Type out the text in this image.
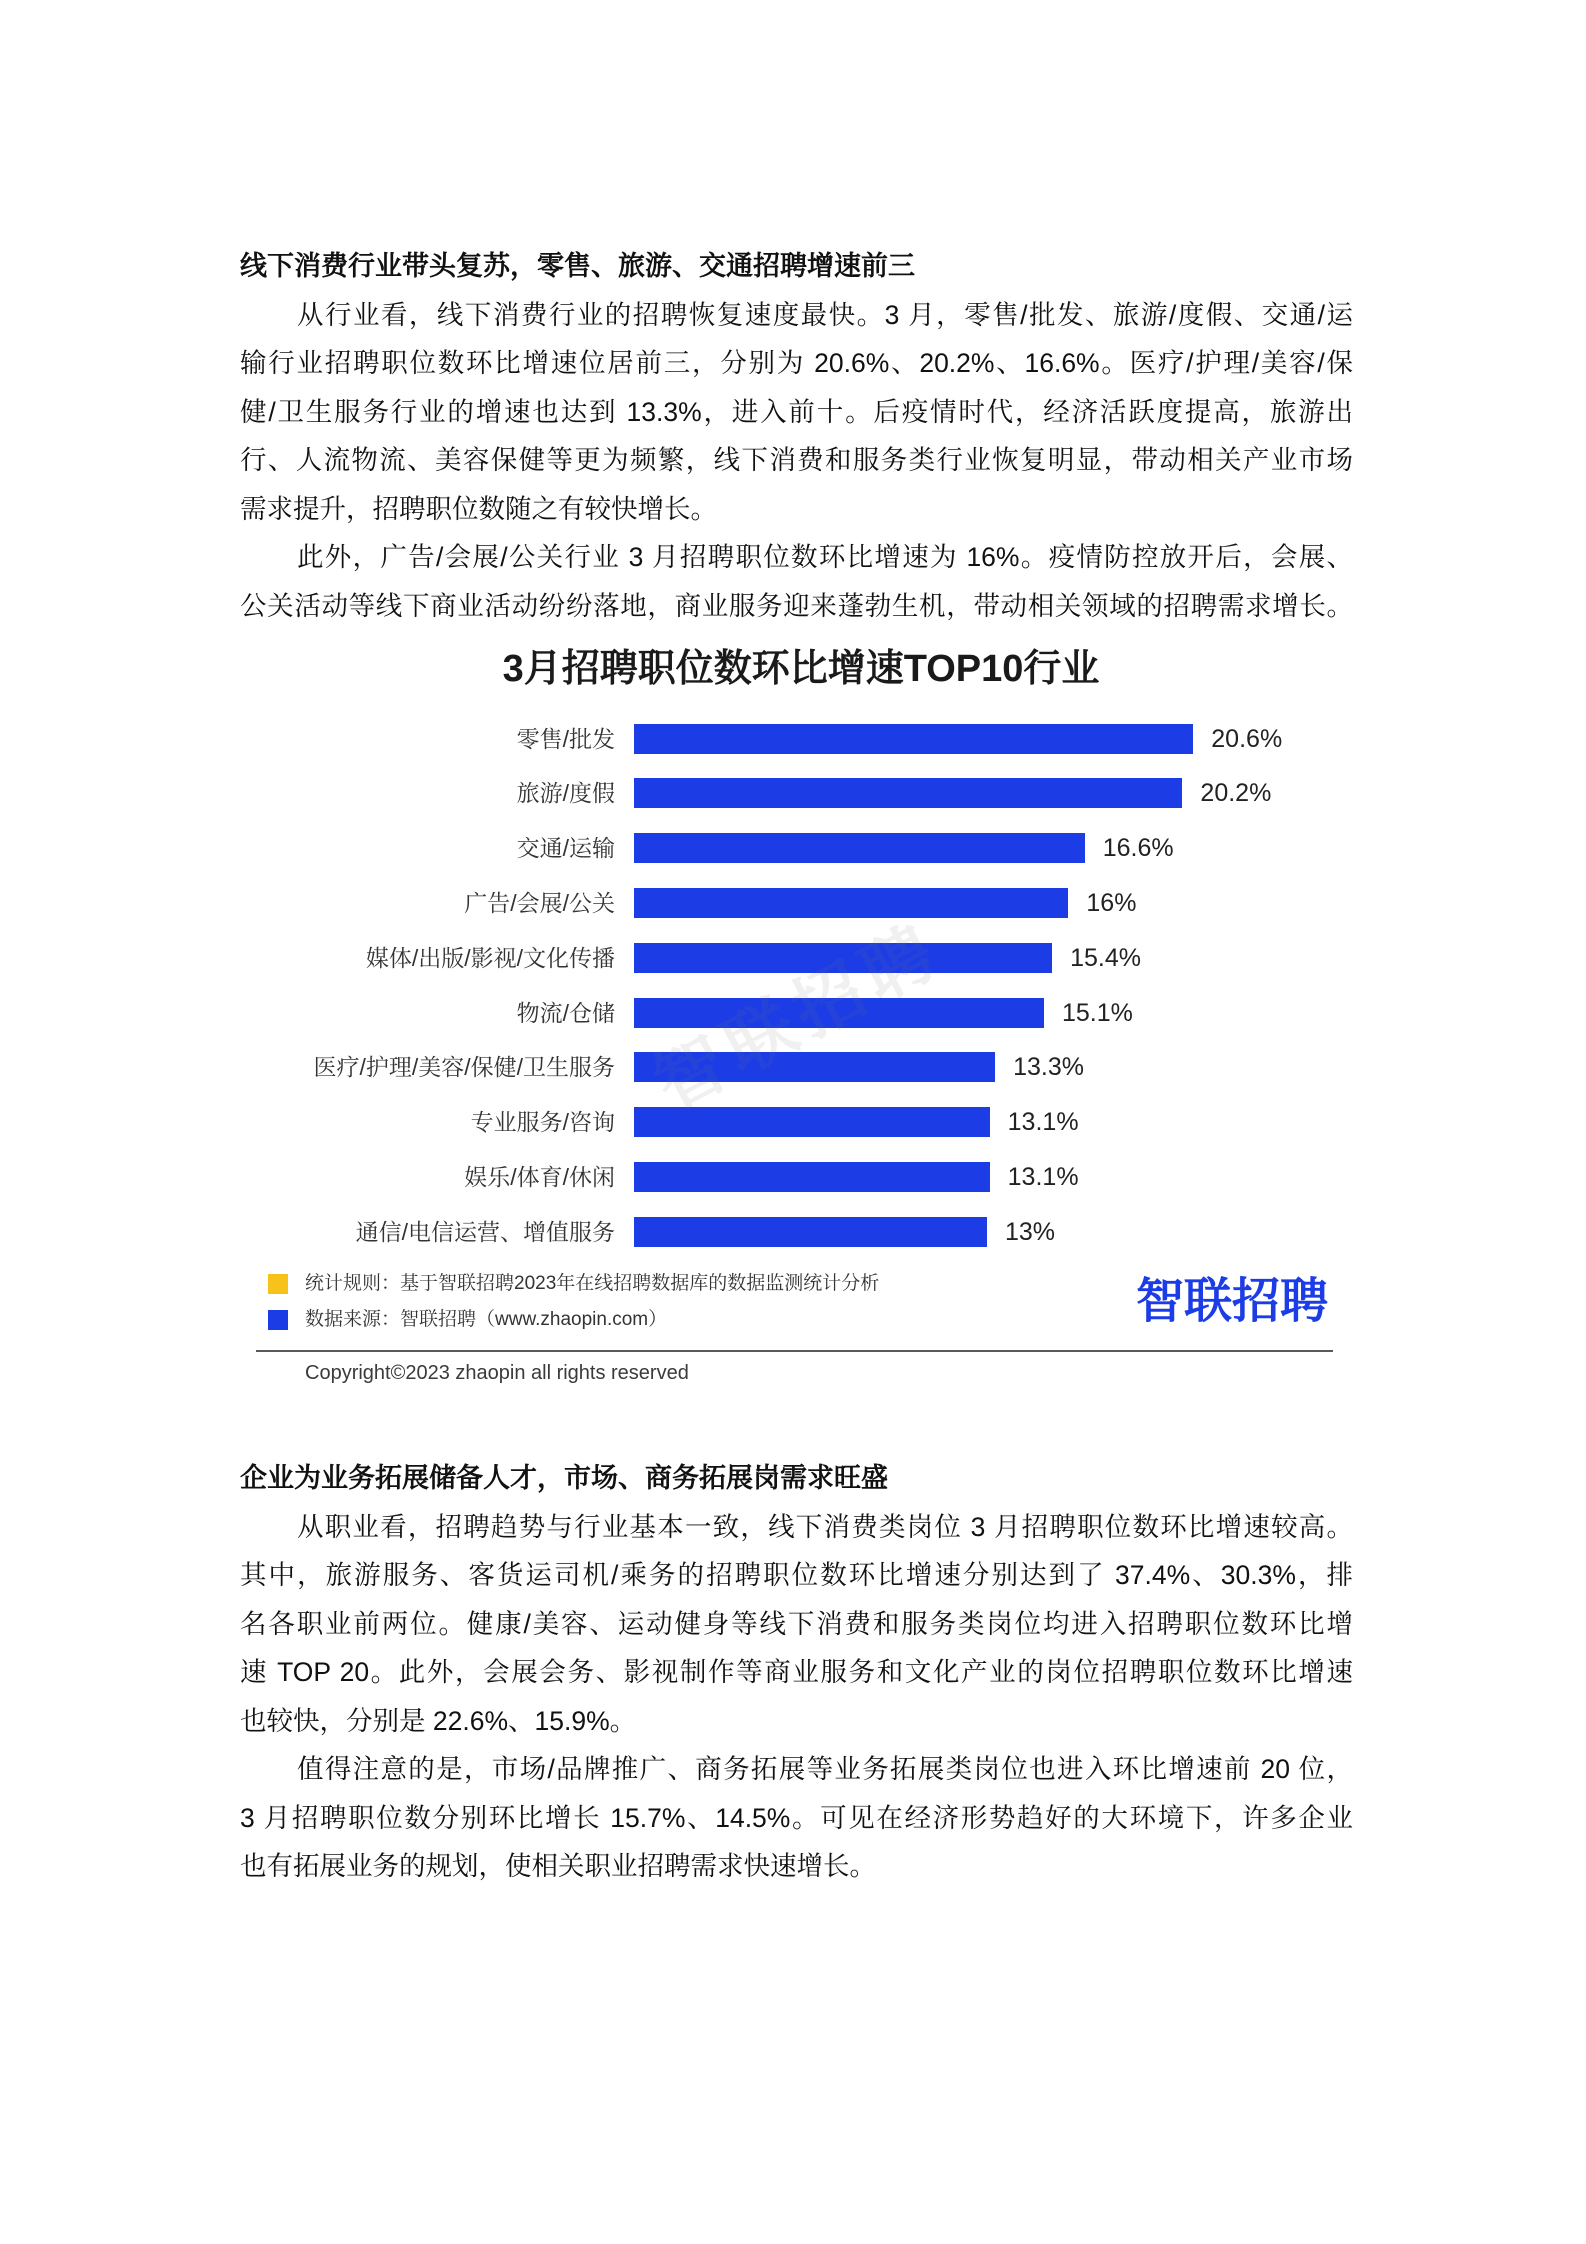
线下消费行业带头复苏，零售、旅游、交通招聘增速前三
从行业看，线下消费行业的招聘恢复速度最快。3 月，零售/批发、旅游/度假、交通/运
输行业招聘职位数环比增速位居前三，分别为 20.6%、20.2%、16.6%。医疗/护理/美容/保
健/卫生服务行业的增速也达到 13.3%，进入前十。后疫情时代，经济活跃度提高，旅游出
行、人流物流、美容保健等更为频繁，线下消费和服务类行业恢复明显，带动相关产业市场
需求提升，招聘职位数随之有较快增长。
此外，广告/会展/公关行业 3 月招聘职位数环比增速为 16%。疫情防控放开后，会展、
公关活动等线下商业活动纷纷落地，商业服务迎来蓬勃生机，带动相关领域的招聘需求增长。
3月招聘职位数环比增速TOP10行业
零售/批发	20.6%
旅游/度假	20.2%
交通/运输	16.6%
广告/会展/公关	16%
媒体/出版/影视/文化传播	15.4%
物流/仓储	15.1%
医疗/护理/美容/保健/卫生服务	13.3%
专业服务/咨询	13.1%
娱乐/体育/休闲	13.1%
通信/电信运营、增值服务	13%
智联招聘
统计规则：基于智联招聘2023年在线招聘数据库的数据监测统计分析
数据来源：智联招聘（www.zhaopin.com）	智联招聘
Copyright©2023 zhaopin all rights reserved
企业为业务拓展储备人才，市场、商务拓展岗需求旺盛
从职业看，招聘趋势与行业基本一致，线下消费类岗位 3 月招聘职位数环比增速较高。
其中，旅游服务、客货运司机/乘务的招聘职位数环比增速分别达到了 37.4%、30.3%，排
名各职业前两位。健康/美容、运动健身等线下消费和服务类岗位均进入招聘职位数环比增
速 TOP 20。此外，会展会务、影视制作等商业服务和文化产业的岗位招聘职位数环比增速
也较快，分别是 22.6%、15.9%。
值得注意的是，市场/品牌推广、商务拓展等业务拓展类岗位也进入环比增速前 20 位，
3 月招聘职位数分别环比增长 15.7%、14.5%。可见在经济形势趋好的大环境下，许多企业
也有拓展业务的规划，使相关职业招聘需求快速增长。
